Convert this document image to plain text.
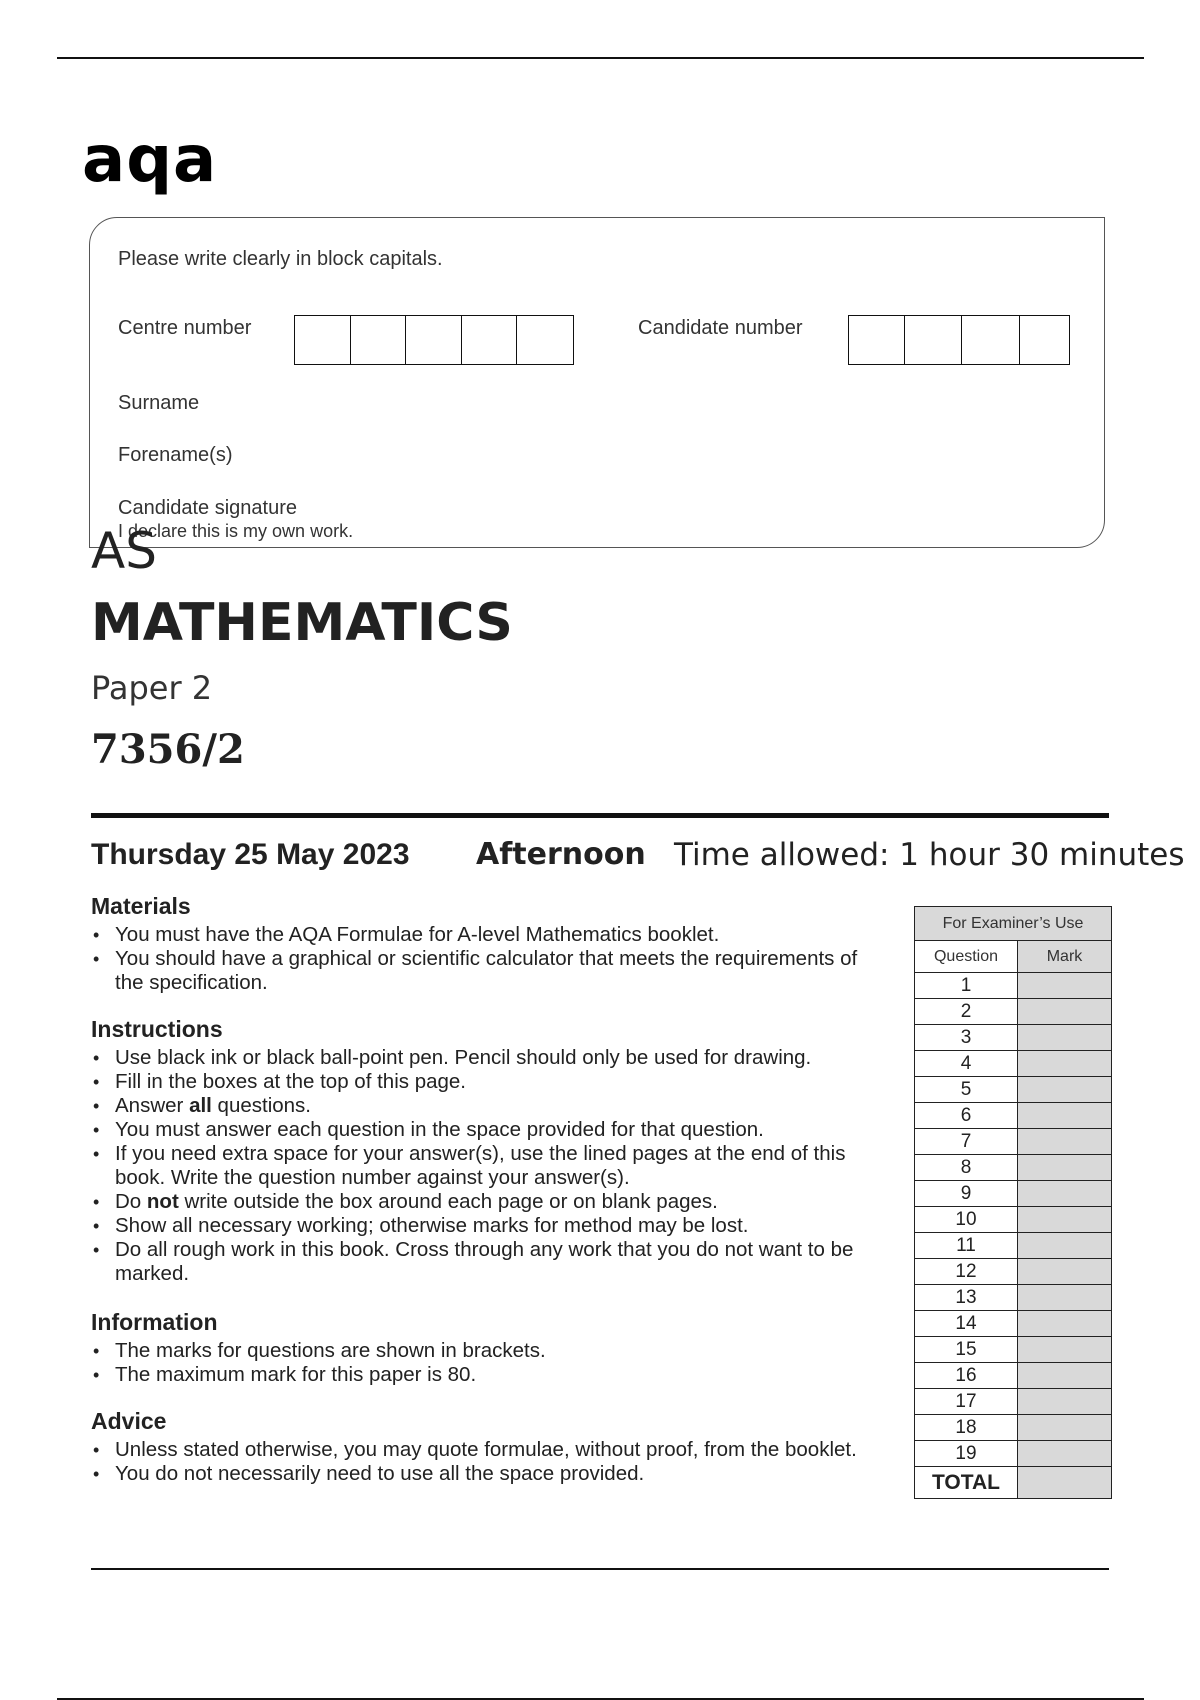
aqa
Please write clearly in block capitals.
Centre number	Candidate number
Surname
Forename(s)
Candidate signature
I declare this is my own work.
AS
MATHEMATICS
Paper 2
7356/2
Thursday 25 May 2023 Afternoon Time allowed: 1 hour 30 minutes
Materials
• You must have the AQA Formulae for A-level Mathematics booklet.
• You should have a graphical or scientific calculator that meets the requirements of the specification.
Instructions
• Use black ink or black ball-point pen. Pencil should only be used for drawing.
• Fill in the boxes at the top of this page.
• Answer all questions.
• You must answer each question in the space provided for that question.
• If you need extra space for your answer(s), use the lined pages at the end of this book. Write the question number against your answer(s).
• Do not write outside the box around each page or on blank pages.
• Show all necessary working; otherwise marks for method may be lost.
• Do all rough work in this book. Cross through any work that you do not want to be marked.
Information
• The marks for questions are shown in brackets.
• The maximum mark for this paper is 80.
Advice
• Unless stated otherwise, you may quote formulae, without proof, from the booklet.
• You do not necessarily need to use all the space provided.
For Examiner’s Use	
Question	Mark
1	
2	
3	
4	
5	
6	
7	
8	
9	
10	
11	
12	
13	
14	
15	
16	
17	
18	
19	
TOTAL	
